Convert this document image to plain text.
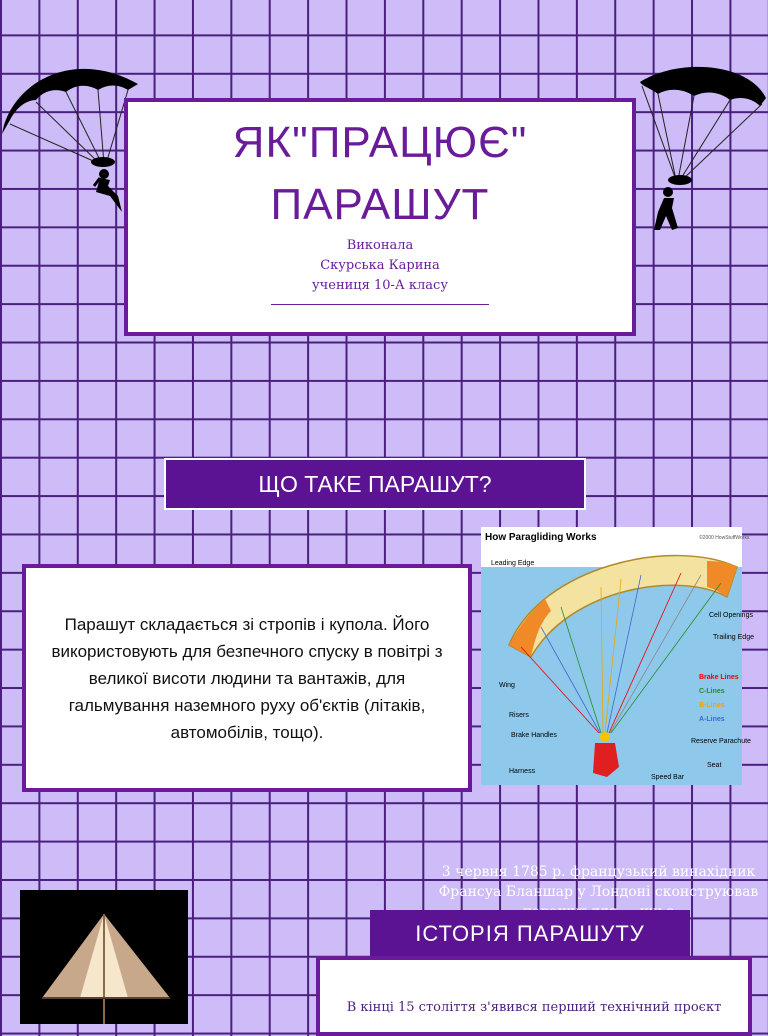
ЯК"ПРАЦЮЄ"
ПАРАШУТ
Виконала
Скурська Карина
учениця 10-А класу
ЩО ТАКЕ ПАРАШУТ?
Парашут складається зі стропів і купола. Його використовують для безпечного спуску в повітрі з великої висоти людини та вантажів, для гальмування наземного руху об'єктів (літаків, автомобілів, тощо).
How Paragliding Works	©2000 HowStuffWorks
Leading Edge
Cell Openings
Trailing Edge
Wing
Risers
Brake Handles
Harness
Reserve Parachute
Seat
Speed Bar
Brake Lines
C-Lines
B-Lines
A-Lines
3 червня 1785 р. французький винахідник Франсуа Бланшар у Лондоні сконструював
ІСТОРІЯ ПАРАШУТУ
В кінці 15 століття з'явився перший технічний проєкт
